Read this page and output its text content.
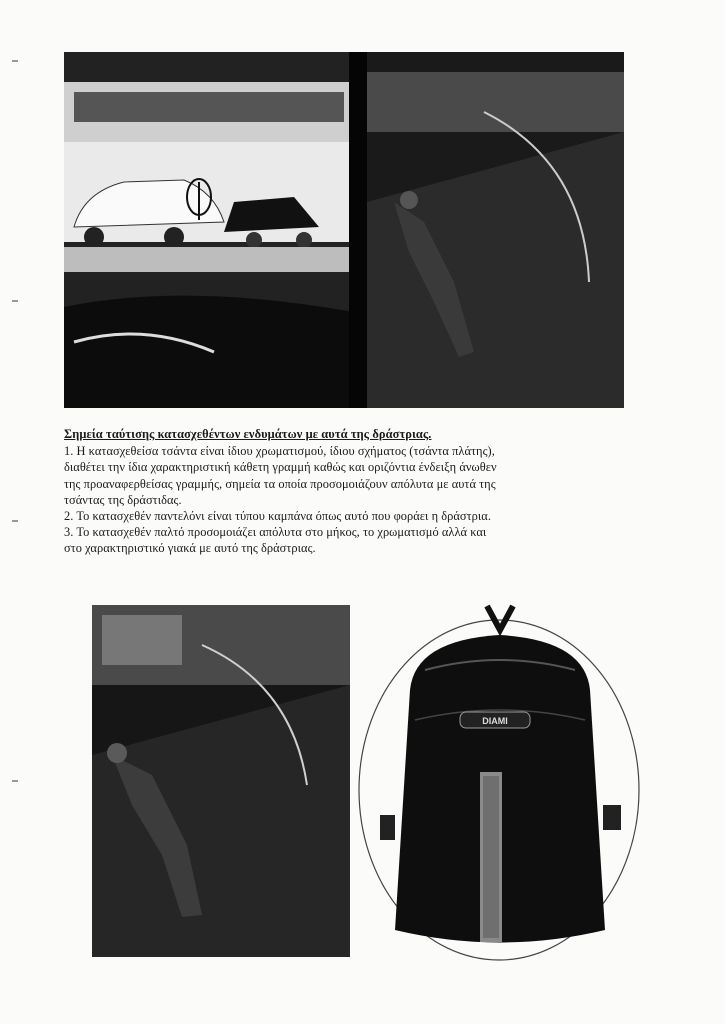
Σημεία ταύτισης κατασχεθέντων ενδυμάτων με αυτά της δράστριας.
1. Η κατασχεθείσα τσάντα είναι ίδιου χρωματισμού, ίδιου σχήματος (τσάντα πλάτης),
διαθέτει την ίδια χαρακτηριστική κάθετη γραμμή καθώς και οριζόντια ένδειξη άνωθεν
της προαναφερθείσας γραμμής, σημεία τα οποία προσομοιάζουν απόλυτα με αυτά της
τσάντας της δράστιδας.
2. Το κατασχεθέν παντελόνι είναι τύπου καμπάνα όπως αυτό που φοράει η δράστρια.
3. Το κατασχεθέν παλτό προσομοιάζει απόλυτα στο μήκος, το χρωματισμό αλλά και
στο χαρακτηριστικό γιακά με αυτό της δράστριας.
DIAMI
